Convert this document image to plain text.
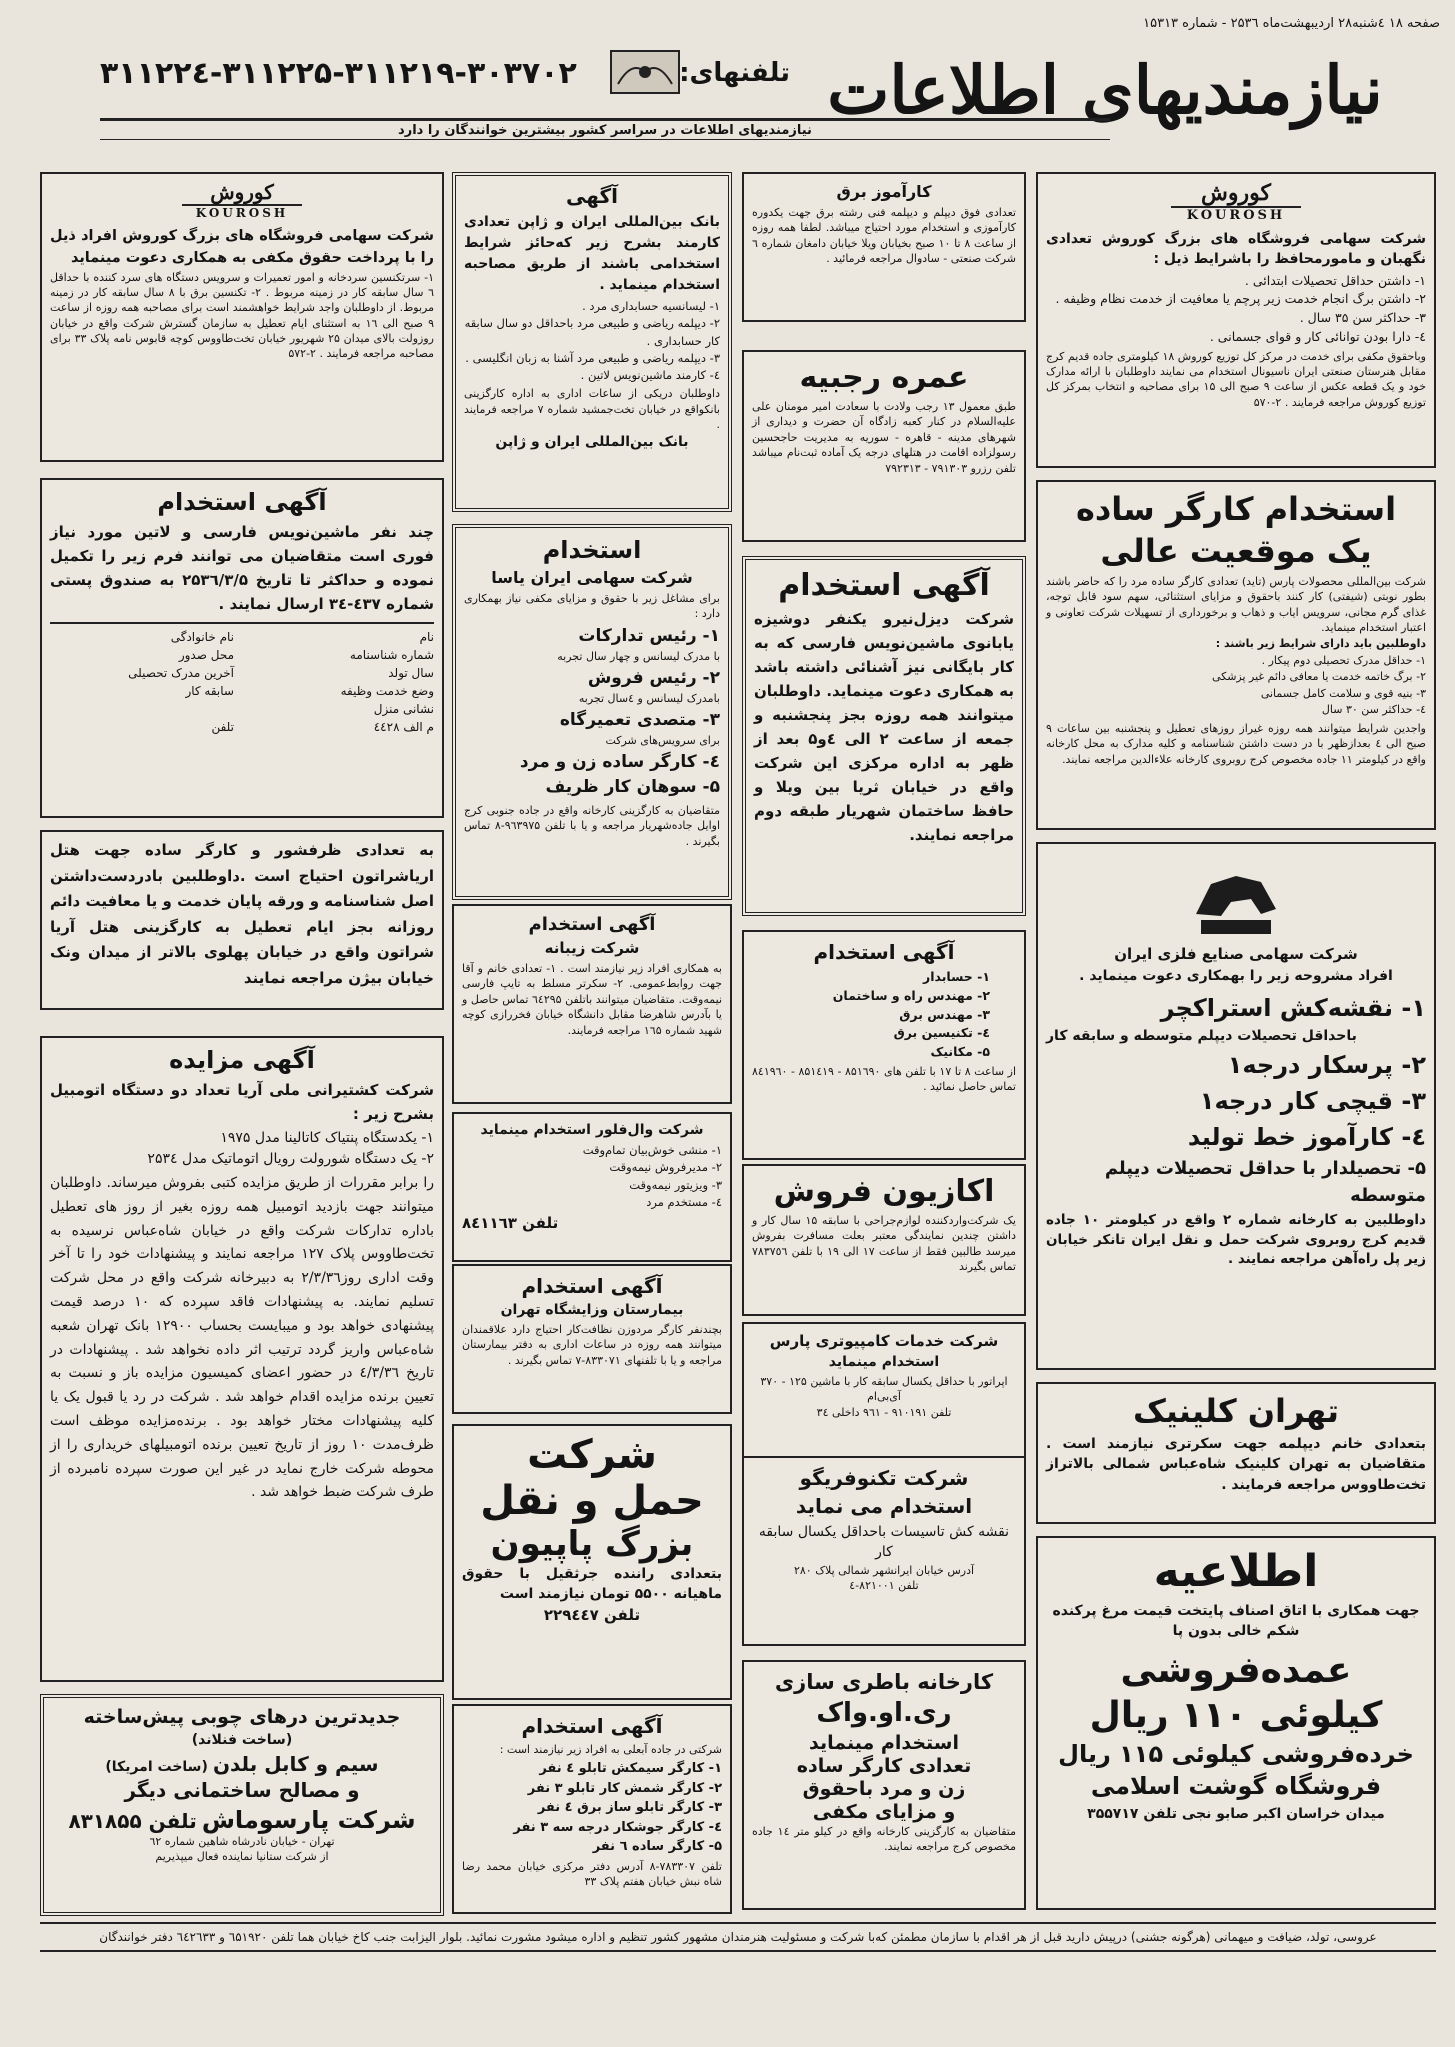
صفحه ۱۸ ٤شنبه۲۸ اردیبهشت‌ماه ۲۵۳٦ - شماره ۱۵۳۱۳
نیازمندیهای اطلاعات
تلفنهای:
۳۱۱۲۲٤-۳۱۱۲۲۵-۳۱۱۲۱۹-۳۰۳۷۰۲
نیازمندیهای اطلاعات در سراسر کشور بیشترین خوانندگان را دارد
کوروش
KOUROSH

شرکت سهامی فروشگاه های بزرگ کوروش تعدادی نگهبان و مامورمحافظ را باشرایط ذیل :

۱- داشتن حداقل تحصیلات ابتدائی .
۲- داشتن برگ انجام خدمت زیر پرچم یا معافیت از خدمت نظام وظیفه .
۳- حداکثر سن ۳۵ سال .
٤- دارا بودن توانائی کار و قوای جسمانی .

وباحقوق مکفی برای خدمت در مرکز کل توزیع کوروش ۱۸ کیلومتری جاده قدیم کرج مقابل هنرستان صنعتی ایران ناسیونال استخدام می نمایند داوطلبان با ارائه مدارک خود و یک قطعه عکس از ساعت ۹ صبح الی ۱۵ برای مصاحبه و انتخاب بمرکز کل توزیع کوروش مراجعه فرمایند . ۲-۵۷۰

استخدام کارگر ساده
یک موقعیت عالی

شرکت بین‌المللی محصولات پارس (تاید) تعدادی کارگر ساده مرد را که حاضر باشند بطور نوبتی (شیفتی) کار کنند باحقوق و مزایای استثنائی، سهم سود قابل توجه، غذای گرم مجانی، سرویس ایاب و ذهاب و برخورداری از تسهیلات شرکت تعاونی و اعتبار استخدام مینماید.

داوطلبین باید دارای شرایط زیر باشند :

۱- حداقل مدرک تحصیلی دوم پیکار .
۲- برگ خاتمه خدمت یا معافی دائم غیر پزشکی
۳- بنیه قوی و سلامت کامل جسمانی
٤- حداکثر سن ۳۰ سال

واجدین شرایط میتوانند همه روزه غیراز روزهای تعطیل و پنجشنبه بین ساعات ۹ صبح الی ٤ بعدازظهر با در دست داشتن شناسنامه و کلیه مدارک به محل کارخانه واقع در کیلومتر ۱۱ جاده مخصوص کرج روبروی کارخانه علاءالدین مراجعه نمایند.

شرکت سهامی صنایع فلزی ایران

افراد مشروحه زیر را بهمکاری دعوت مینماید .

۱- نقشه‌کش استراکچر
باحداقل تحصیلات دیپلم متوسطه و سابقه کار
۲- پرسکار درجه۱
۳- قیچی کار درجه۱
٤- کارآموز خط تولید
۵- تحصیلدار با حداقل تحصیلات دیپلم متوسطه

داوطلبین به کارخانه شماره ۲ واقع در کیلومتر ۱۰ جاده قدیم کرج روبروی شرکت حمل و نقل ایران تانکر خیابان زیر پل راه‌آهن مراجعه نمایند .

تهران کلینیک

بتعدادی خانم دیپلمه جهت سکرتری نیازمند است . متقاضیان به تهران کلینیک شاه‌عباس شمالی بالاتراز تخت‌طاووس مراجعه فرمایند .

اطلاعیه

جهت همکاری با اتاق اصناف پایتخت قیمت مرغ پرکنده شکم خالی بدون پا

عمده‌فروشی
کیلوئی ۱۱۰ ریال
خرده‌فروشی کیلوئی ۱۱۵ ریال
فروشگاه گوشت اسلامی

میدان خراسان اکبر صابو نجی تلفن ۳۵۵۷۱۷

کارآموز برق

تعدادی فوق دیپلم و دیپلمه فنی رشته برق جهت یکدوره کارآموزی و استخدام مورد احتیاج میباشد. لطفا همه روزه از ساعت ۸ تا ۱۰ صبح بخیابان ویلا خیابان دامغان شماره ٦ شرکت صنعتی - سادوال مراجعه فرمائید .

عمره رجبیه

طبق معمول ۱۳ رجب ولادت با سعادت امیر مومنان علی علیه‌السلام در کنار کعبه زادگاه آن حضرت و دیداری از شهرهای مدینه - قاهره - سوریه به مدیریت حاجحسین رسولزاده اقامت در هتلهای درجه یک آماده ثبت‌نام میباشد تلفن رزرو ۷۹۱۳۰۳ - ۷۹۲۳۱۳

آگهی استخدام

شرکت دیزل‌نیرو یکنفر دوشیزه یابانوی ماشین‌نویس فارسی که به کار بایگانی نیز آشنائی داشته باشد به همکاری دعوت مینماید. داوطلبان میتوانند همه روزه بجز پنجشنبه و جمعه از ساعت ۲ الی ٤و۵ بعد از ظهر به اداره مرکزی این شرکت واقع در خیابان ثریا بین ویلا و حافظ ساختمان شهریار طبقه دوم مراجعه نمایند.

آگهی استخدام
۱- حسابدار
۲- مهندس راه و ساختمان
۳- مهندس برق
٤- تکنیسین برق
۵- مکانیک

از ساعت ۸ تا ۱۷ با تلفن های ۸۵۱٦۹۰ - ۸۵۱٤۱۹ - ۸٤۱۹٦۰ تماس حاصل نمائید .

اکازیون فروش

یک شرکت‌واردکننده لوازم‌جراحی با سابقه ۱۵ سال کار و داشتن چندین نمایندگی معتبر بعلت مسافرت بفروش میرسد طالبین فقط از ساعت ۱۷ الی ۱۹ با تلفن ۷۸۳۷٥٦ تماس بگیرند

شرکت خدمات کامپیوتری پارس
استخدام مینماید

اپراتور با حداقل یکسال سابقه کار با ماشین ۱۲۵ - ۳۷۰ آی‌بی‌ام

تلفن ۹۱۰۱۹۱ - ۹٦۱ داخلی ۳٤

شرکت تکنوفریگو
استخدام می نماید

نقشه کش تاسیسات باحداقل یکسال سابقه کار

آدرس خیابان ایرانشهر شمالی پلاک ۲۸۰

تلفن ۸۲۱۰۰۱-٤

کارخانه باطری سازی
ری.او.واک
استخدام مینماید
تعدادی کارگر ساده
زن و مرد باحقوق
و مزایای مکفی

متقاضیان به کارگزینی کارخانه واقع در کیلو متر ۱٤ جاده مخصوص کرج مراجعه نمایند.

آگهی

بانک بین‌المللی ایران و ژاپن تعدادی کارمند بشرح زیر که‌حائز شرایط استخدامی باشند از طریق مصاحبه استخدام مینماید .

۱- لیسانسیه حسابداری مرد .
۲- دیپلمه ریاضی و طبیعی مرد باحداقل دو سال سابقه کار حسابداری .
۳- دیپلمه ریاضی و طبیعی مرد آشنا به زبان انگلیسی .
٤- کارمند ماشین‌نویس لاتین .

داوطلبان دریکی از ساعات اداری به اداره کارگزینی بانکواقع در خیابان تخت‌جمشید شماره ۷ مراجعه فرمایند .

بانک بین‌المللی ایران و ژاپن

استخدام
شرکت سهامی ایران یاسا

برای مشاغل زیر با حقوق و مزایای مکفی نیاز بهمکاری دارد :

۱- رئیس تدارکات
با مدرک لیسانس و چهار سال تجربه
۲- رئیس فروش
بامدرک لیسانس و ٤سال تجربه
۳- متصدی تعمیرگاه
برای سرویس‌های شرکت
٤- کارگر ساده زن و مرد
۵- سوهان کار ظریف

متقاضیان به کارگزینی کارخانه واقع در جاده جنوبی کرج اوایل جاده‌شهریار مراجعه و یا با تلفن ۹٦۳۹۷۵-۸ تماس بگیرند .

آگهی استخدام
شرکت زیبانه

به همکاری افراد زیر نیازمند است . ۱- تعدادی خانم و آقا جهت روابط‌عمومی. ۲- سکرتر مسلط به تایپ فارسی نیمه‌وقت. متقاضیان میتوانند باتلفن ٦٤۲۹۵ تماس حاصل و یا بآدرس شاهرضا مقابل دانشگاه خیابان فخررازی کوچه شهید شماره ۱٦۵ مراجعه فرمایند.

شرکت وال‌فلور استخدام مینماید
۱- منشی خوش‌بیان تمام‌وقت
۲- مدیرفروش نیمه‌وقت
۳- ویزیتور نیمه‌وقت
٤- مستخدم مرد

تلفن ۸٤۱۱٦۳

آگهی استخدام
بیمارستان وزایشگاه تهران

بچندنفر کارگر مردوزن نظافت‌کار احتیاج دارد علاقمندان میتوانند همه روزه در ساعات اداری به دفتر بیمارستان مراجعه و یا با تلفنهای ۸۳۳۰۷۱-۷ تماس بگیرند .

شرکت
حمل و نقل
بزرگ پاپیون

بتعدادی راننده جرثقیل با حقوق ماهیانه ۵۵۰۰ تومان نیازمند است

تلفن ۲۲۹٤٤۷

آگهی استخدام

شرکتی در جاده آبعلی به افراد زیر نیازمند است :

۱- کارگر سیمکش تابلو ٤ نفر
۲- کارگر شمش کار تابلو ۳ نفر
۳- کارگر تابلو ساز برق ٤ نفر
٤- کارگر جوشکار درجه سه ۳ نفر
۵- کارگر ساده ٦ نفر

تلفن ۷۸۳۳۰۷-۸ آدرس دفتر مرکزی خیابان محمد رضا شاه نبش خیابان هفتم پلاک ۳۳

کوروش
KOUROSH

شرکت سهامی فروشگاه های بزرگ کوروش افراد ذیل را با پرداخت حقوق مکفی به همکاری دعوت مینماید

۱- سرتکنسین سردخانه و امور تعمیرات و سرویس دستگاه های سرد کننده با حداقل ٦ سال سابقه کار در زمینه مربوط . ۲- تکنسین برق با ۸ سال سابقه کار در زمینه مربوط. از داوطلبان واجد شرایط خواهشمند است برای مصاحبه همه روزه از ساعت ۹ صبح الی ۱٦ به استثنای ایام تعطیل به سازمان گسترش شرکت واقع در خیابان روزولت بالای میدان ۲۵ شهریور خیابان تخت‌طاووس کوچه قابوس نامه پلاک ۳۳ برای مصاحبه مراجعه فرمایند . ۲-۵۷۲

آگهی استخدام

چند نفر ماشین‌نویس فارسی و لاتین مورد نیاز فوری است متقاضیان می توانند فرم زیر را تکمیل نموده و حداکثر تا تاریخ ۲۵۳٦/۳/۵ به صندوق پستی شماره ٤۳۷-۳٤ ارسال نمایند .

نام
نام خانوادگی
شماره شناسنامه
محل صدور
سال تولد
آخرین مدرک تحصیلی
وضع خدمت وظیفه
سابقه کار
نشانی منزل
م الف ٤٤۲۸
تلفن

به تعدادی ظرفشور و کارگر ساده جهت هتل اریاشراتون احتیاج است .داوطلبین بادردست‌داشتن اصل شناسنامه و ورقه پایان خدمت و یا معافیت دائم روزانه بجز ایام تعطیل به کارگزینی هتل آریا شراتون واقع در خیابان پهلوی بالاتر از میدان ونک خیابان بیژن مراجعه نمایند

آگهی مزایده

شرکت کشتیرانی ملی آریا تعداد دو دستگاه اتومبیل بشرح زیر :

۱- یکدستگاه پنتیاک کاتالینا مدل ۱۹۷۵
۲- یک دستگاه شورولت رویال اتوماتیک مدل ۲۵۳٤

را برابر مقررات از طریق مزایده کتبی بفروش میرساند. داوطلبان میتوانند جهت بازدید اتومبیل همه روزه بغیر از روز های تعطیل باداره تدارکات شرکت واقع در خیابان شاه‌عباس نرسیده به تخت‌طاووس پلاک ۱۲۷ مراجعه نمایند و پیشنهادات خود را تا آخر وقت اداری روز۲/۳/۳٦ به دبیرخانه شرکت واقع در محل شرکت تسلیم نمایند. به پیشنهادات فاقد سپرده که ۱۰ درصد قیمت پیشنهادی خواهد بود و میبایست بحساب ۱۲۹۰۰ بانک تهران شعبه شاه‌عباس واریز گردد ترتیب اثر داده نخواهد شد . پیشنهادات در تاریخ ٤/۳/۳٦ در حضور اعضای کمیسیون مزایده باز و نسبت به تعیین برنده مزایده اقدام خواهد شد . شرکت در رد یا قبول یک یا کلیه پیشنهادات مختار خواهد بود . برنده‌مزایده موظف است ظرف‌مدت ۱۰ روز از تاریخ تعیین برنده اتومبیلهای خریداری را از محوطه شرکت خارج نماید در غیر این صورت سپرده نامبرده از طرف شرکت ضبط خواهد شد .

جدیدترین درهای چوبی پیش‌ساخته
(ساخت فنلاند)
سیم و کابل بلدن (ساخت امریکا)
و مصالح ساختمانی دیگر
شرکت پارسوماش تلفن ۸۳۱۸۵۵

تهران - خیابان نادرشاه شاهین شماره ٦۲

از شرکت ستانیا نماینده فعال میپذیریم

عروسی، تولد، ضیافت و میهمانی (هرگونه جشنی) درپیش دارید قبل از هر اقدام با سازمان مطمئن که‌با شرکت و مسئولیت هنرمندان مشهور کشور تنظیم و اداره میشود مشورت نمائید. بلوار الیزابت جنب کاخ خیابان هما تلفن ٦۵۱۹۲۰ و ٦٤۲٦۳۳ دفتر خوانندگان
